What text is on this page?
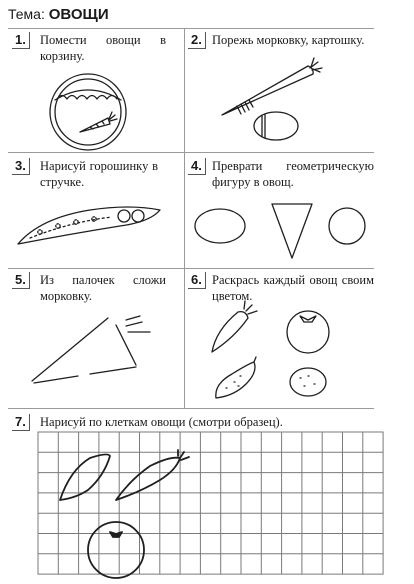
Тема: ОВОЩИ
1.	Помести овощи в корзину.
2. Порежь морковку, картошку.
3.	Нарисуй горошинку в стручке.
4. Преврати геометрическую фигуру в овощ.
5.	Из палочек сложи морковку.
6. Раскрась каждый овощ своим цветом.
7.	Нарисуй по клеткам овощи (смотри образец).
